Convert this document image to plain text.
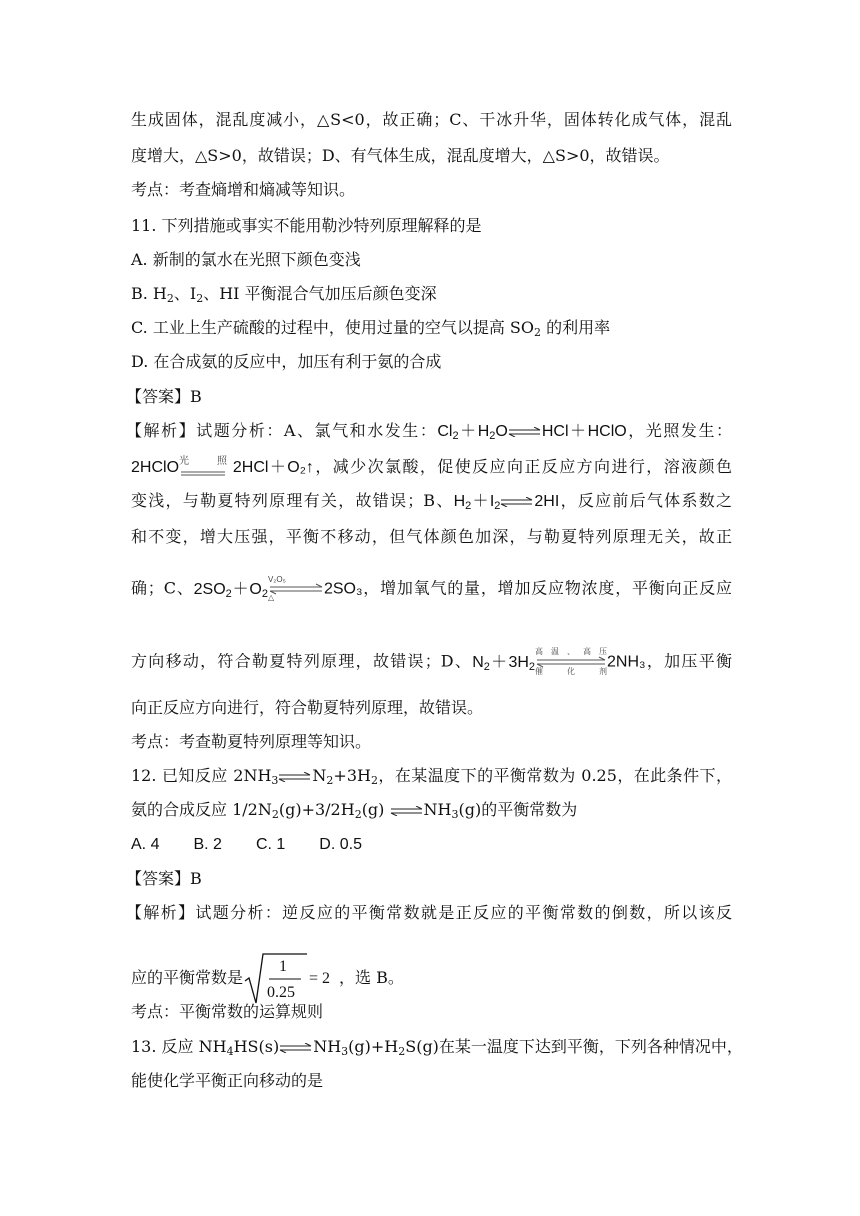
生成固体，混乱度减小，△S<0，故正确；C、干冰升华，固体转化成气体，混乱
度增大，△S>0，故错误；D、有气体生成，混乱度增大，△S>0，故错误。
考点：考查熵增和熵减等知识。
11. 下列措施或事实不能用勒沙特列原理解释的是
A. 新制的氯水在光照下颜色变浅
B. $H_2$、$I_2$、HI 平衡混合气加压后颜色变深
C. 工业上生产硫酸的过程中，使用过量的空气以提高 $SO_2$ 的利用率
D. 在合成氨的反应中，加压有利于氨的合成
【答案】B
【解析】试题分析：A、氯气和水发生：$Cl_2+H_2O\rightleftharpoons HCl+HClO$，光照发生：
2HClO 光照 2HCl＋O₂↑，减少次氯酸，促使反应向正反应方向进行，溶液颜色
变浅，与勒夏特列原理有关，故错误；B、$H_2+I_2\rightleftharpoons 2HI$，反应前后气体系数之
和不变，增大压强，平衡不移动，但气体颜色加深，与勒夏特列原理无关，故正
确；C、$2SO_2+O_2$
V₂O₅
△	2SO₃，增加氧气的量，增加反应物浓度，平衡向正反应
方向移动，符合勒夏特列原理，故错误；D、$N_2+3H_2$
高温、高压
催化剂
2NH₃，加压平衡
向正反应方向进行，符合勒夏特列原理，故错误。
考点：考查勒夏特列原理等知识。
12. 已知反应 $2NH_3\rightleftharpoons N_2+3H_2$，在某温度下的平衡常数为 0.25，在此条件下，
氨的合成反应 $1/2N_2(g)+3/2H_2(g)$ $\rightleftharpoons NH_3(g)$的平衡常数为
A. 4 B. 2 C. 1 D. 0.5
【答案】B
【解析】试题分析：逆反应的平衡常数就是正反应的平衡常数的倒数，所以该反
应的平衡常数是
1
0.25
= 2 ，选 B。
考点：平衡常数的运算规则
13. 反应 $NH_4HS(s)\rightleftharpoons NH_3(g)+H_2S(g)$在某一温度下达到平衡，下列各种情况中，
能使化学平衡正向移动的是
